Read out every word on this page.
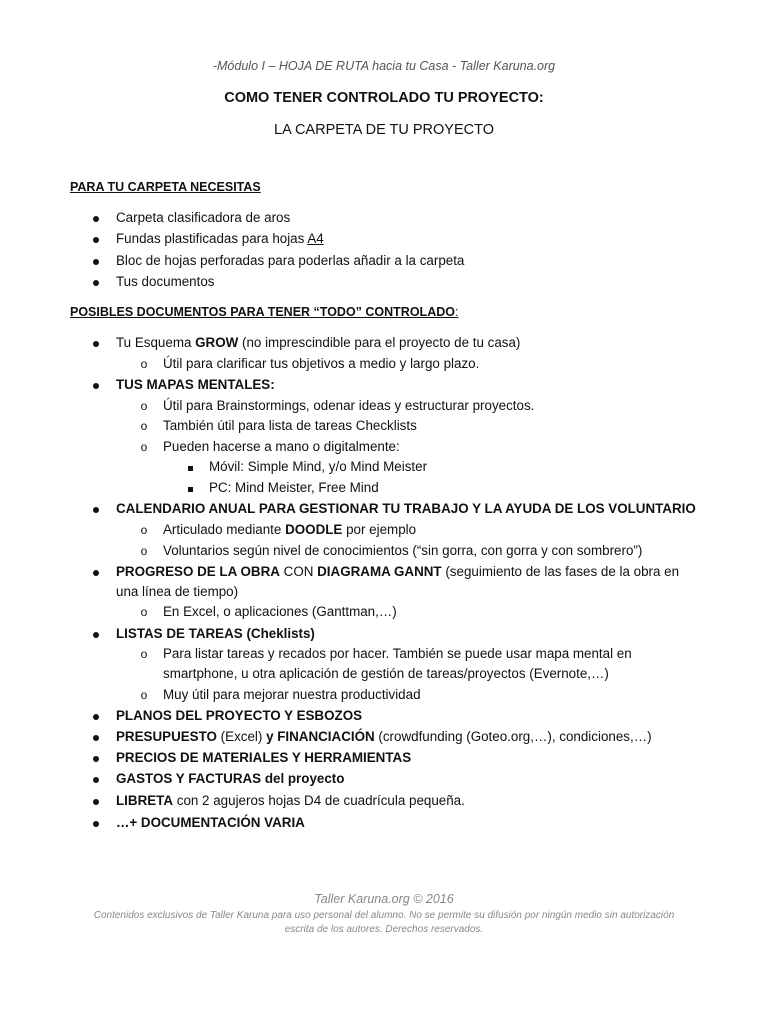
-Módulo I – HOJA DE RUTA hacia tu Casa - Taller Karuna.org
COMO TENER CONTROLADO TU PROYECTO:
LA CARPETA DE TU PROYECTO
PARA TU CARPETA NECESITAS
Carpeta clasificadora de aros
Fundas plastificadas para hojas A4
Bloc de hojas perforadas para poderlas añadir a la carpeta
Tus documentos
POSIBLES DOCUMENTOS PARA TENER “TODO” CONTROLADO:
Tu Esquema GROW (no imprescindible para el proyecto de tu casa)
o Útil para clarificar tus objetivos a medio y largo plazo.
TUS MAPAS MENTALES:
o Útil para Brainstormings, odenar ideas y estructurar proyectos.
o También útil para lista de tareas Checklists
o Pueden hacerse a mano o digitalmente:
Móvil: Simple Mind, y/o Mind Meister
PC: Mind Meister, Free Mind
CALENDARIO ANUAL PARA GESTIONAR TU TRABAJO Y LA AYUDA DE LOS VOLUNTARIO
o Articulado mediante DOODLE por ejemplo
o Voluntarios según nivel de conocimientos (“sin gorra, con gorra y con sombrero”)
PROGRESO DE LA OBRA CON DIAGRAMA GANNT (seguimiento de las fases de la obra en
una línea de tiempo)
o En Excel, o aplicaciones (Ganttman,…)
LISTAS DE TAREAS (Cheklists)
o Para listar tareas y recados por hacer. También se puede usar mapa mental en
smartphone, u otra aplicación de gestión de tareas/proyectos (Evernote,…)
o Muy útil para mejorar nuestra productividad
PLANOS DEL PROYECTO Y ESBOZOS
PRESUPUESTO (Excel) y FINANCIACIÓN (crowdfunding (Goteo.org,…), condiciones,…)
PRECIOS DE MATERIALES Y HERRAMIENTAS
GASTOS Y FACTURAS del proyecto
LIBRETA con 2 agujeros hojas D4 de cuadrícula pequeña.
…+ DOCUMENTACIÓN VARIA
Taller Karuna.org © 2016
Contenidos exclusivos de Taller Karuna para uso personal del alumno. No se permite su difusión por ningún medio sin autorización
escrita de los autores. Derechos reservados.
